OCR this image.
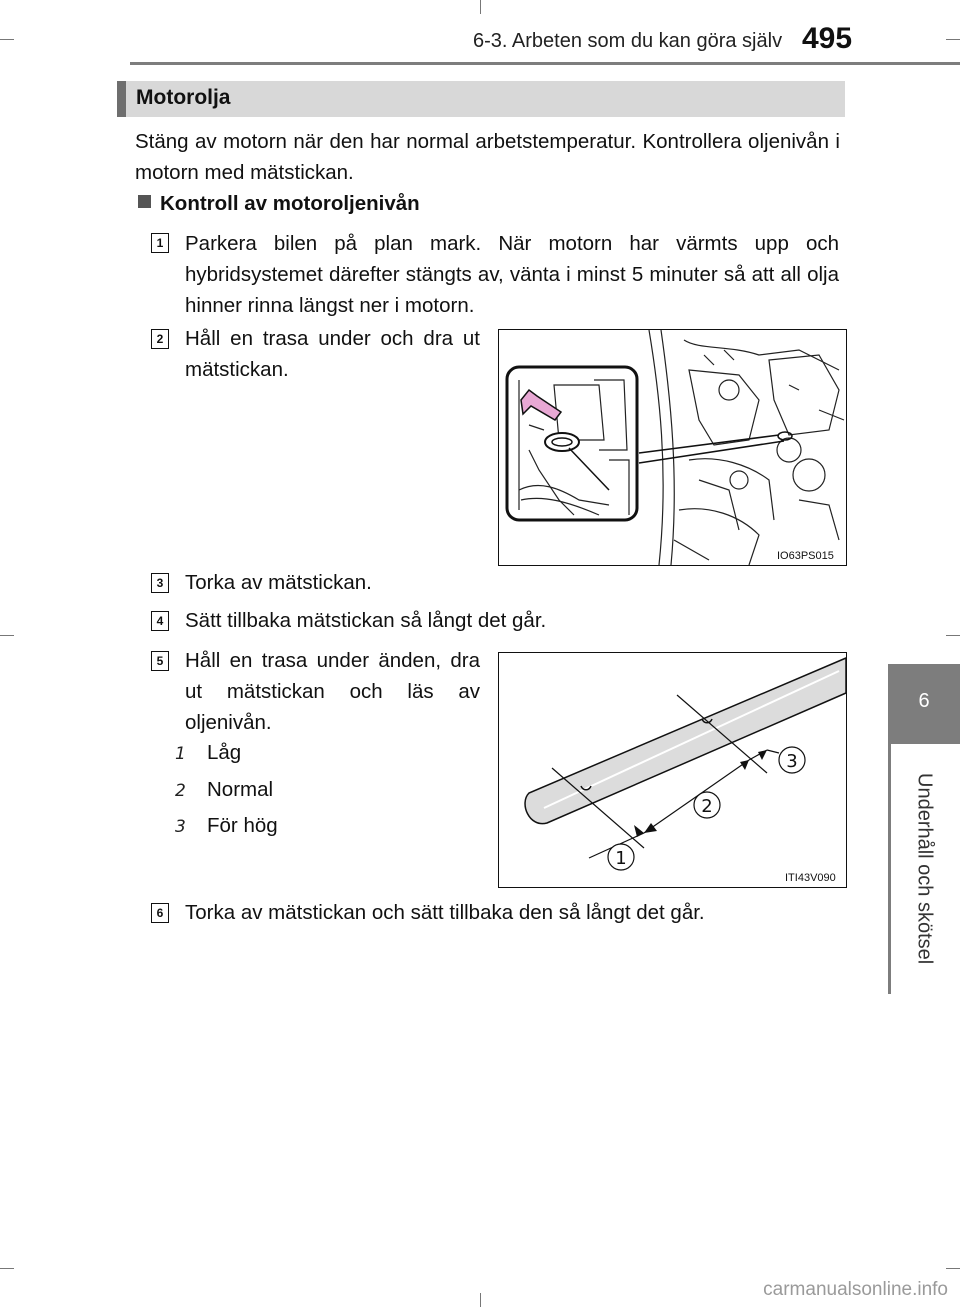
6-3. Arbeten som du kan göra själv 495
6
Underhåll och skötsel
Motorolja
Stäng av motorn när den har normal arbetstemperatur. Kontrollera oljenivån i motorn med mätstickan.
Kontroll av motoroljenivån
1 Parkera bilen på plan mark. När motorn har värmts upp och hybridsystemet därefter stängts av, vänta i minst 5 minuter så att all olja hinner rinna längst ner i motorn.
2 Håll en trasa under och dra ut mätstickan.
IO63PS015
3 Torka av mätstickan.
4 Sätt tillbaka mätstickan så långt det går.
5 Håll en trasa under änden, dra ut mätstickan och läs av oljenivån.
1 Låg
2 Normal
3 För hög
1
2
3
ITI43V090
6 Torka av mätstickan och sätt tillbaka den så långt det går.
carmanualsonline.info
